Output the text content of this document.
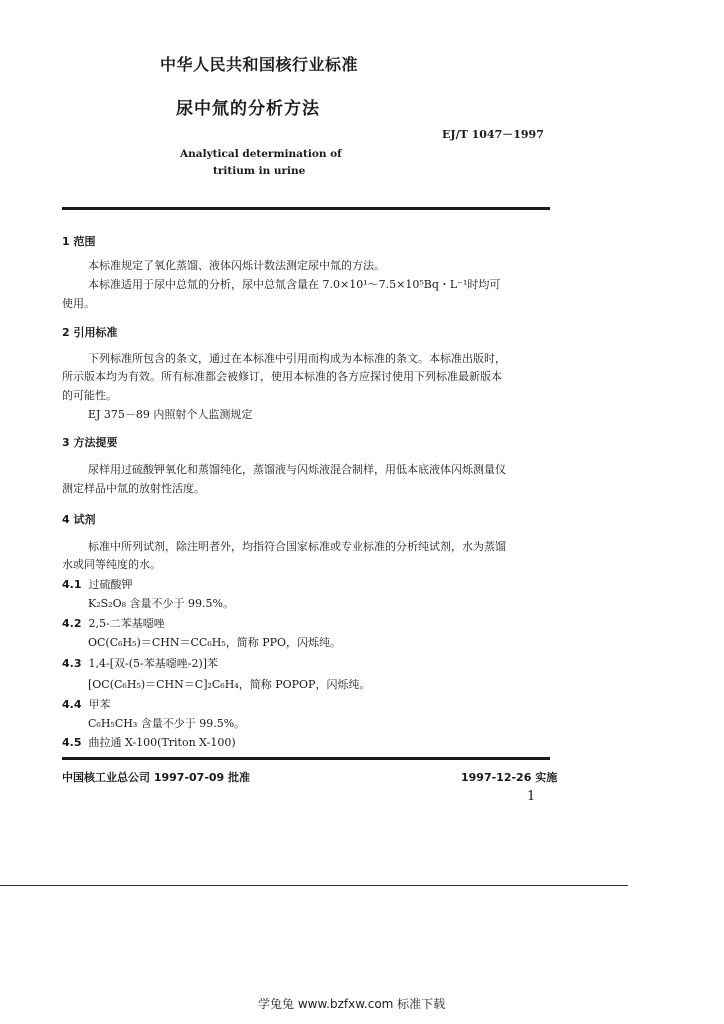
中华人民共和国核行业标准
尿中氚的分析方法
EJ/T 1047－1997
Analytical determination of
tritium in urine
1 范围
本标准规定了氧化蒸馏、液体闪烁计数法测定尿中氚的方法。
本标准适用于尿中总氚的分析，尿中总氚含量在 7.0×10¹～7.5×10⁵Bq・L⁻¹时均可
使用。
2 引用标准
下列标准所包含的条文，通过在本标准中引用而构成为本标准的条文。本标准出版时，
所示版本均为有效。所有标准都会被修订，使用本标准的各方应探讨使用下列标准最新版本
的可能性。
EJ 375－89 内照射个人监测规定
3 方法提要
尿样用过硫酸钾氧化和蒸馏纯化，蒸馏液与闪烁液混合制样，用低本底液体闪烁测量仪
测定样品中氚的放射性活度。
4 试剂
标准中所列试剂，除注明者外，均指符合国家标准或专业标准的分析纯试剂，水为蒸馏
水或同等纯度的水。
4.1 过硫酸钾
K₂S₂O₈ 含量不少于 99.5%。
4.2 2,5-二苯基噁唑
OC(C₆H₅)＝CHN＝CC₆H₅，简称 PPO，闪烁纯。
4.3 1,4-[双-(5-苯基噁唑-2)]苯
[OC(C₆H₅)＝CHN＝C]₂C₆H₄，简称 POPOP，闪烁纯。
4.4 甲苯
C₆H₅CH₃ 含量不少于 99.5%。
4.5 曲拉通 X-100(Triton X-100)
中国核工业总公司 1997-07-09 批准	1997-12-26 实施
1
学兔兔 www.bzfxw.com 标准下载
